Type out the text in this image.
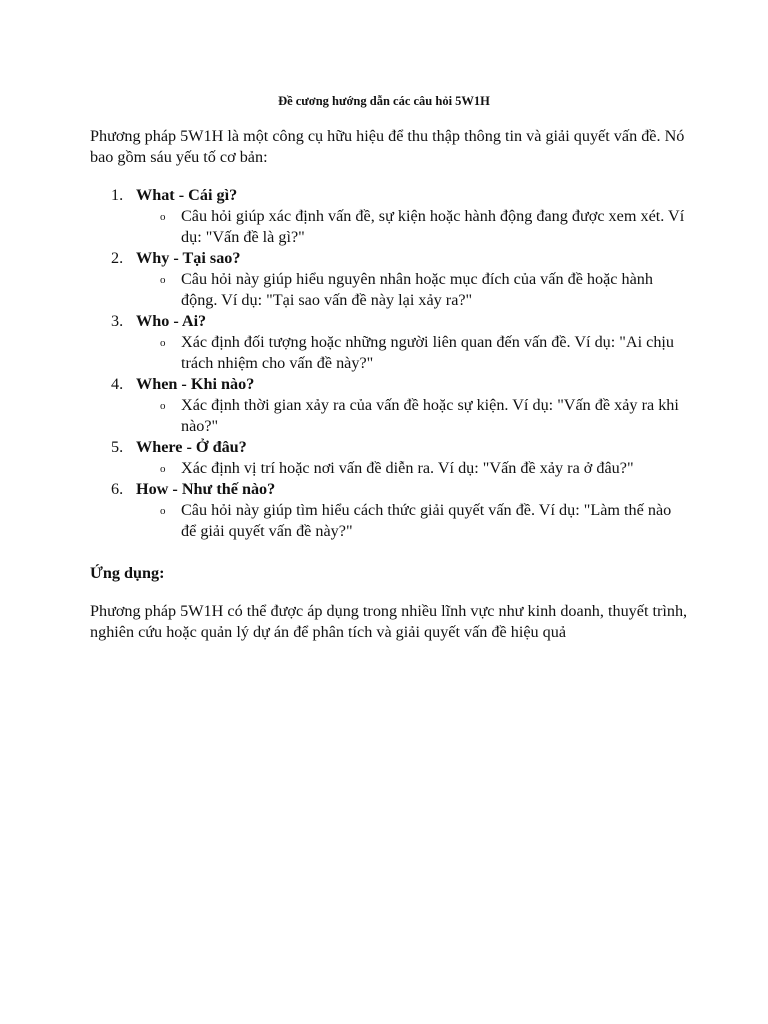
Đề cương hướng dẫn các câu hỏi 5W1H

Phương pháp 5W1H là một công cụ hữu hiệu để thu thập thông tin và giải quyết vấn đề. Nó bao gồm sáu yếu tố cơ bản:

1. What - Cái gì?
o Câu hỏi giúp xác định vấn đề, sự kiện hoặc hành động đang được xem xét. Ví dụ: "Vấn đề là gì?"
2. Why - Tại sao?
o Câu hỏi này giúp hiểu nguyên nhân hoặc mục đích của vấn đề hoặc hành động. Ví dụ: "Tại sao vấn đề này lại xảy ra?"
3. Who - Ai?
o Xác định đối tượng hoặc những người liên quan đến vấn đề. Ví dụ: "Ai chịu trách nhiệm cho vấn đề này?"
4. When - Khi nào?
o Xác định thời gian xảy ra của vấn đề hoặc sự kiện. Ví dụ: "Vấn đề xảy ra khi nào?"
5. Where - Ở đâu?
o Xác định vị trí hoặc nơi vấn đề diễn ra. Ví dụ: "Vấn đề xảy ra ở đâu?"
6. How - Như thế nào?
o Câu hỏi này giúp tìm hiểu cách thức giải quyết vấn đề. Ví dụ: "Làm thế nào để giải quyết vấn đề này?"

Ứng dụng:

Phương pháp 5W1H có thể được áp dụng trong nhiều lĩnh vực như kinh doanh, thuyết trình, nghiên cứu hoặc quản lý dự án để phân tích và giải quyết vấn đề hiệu quả
